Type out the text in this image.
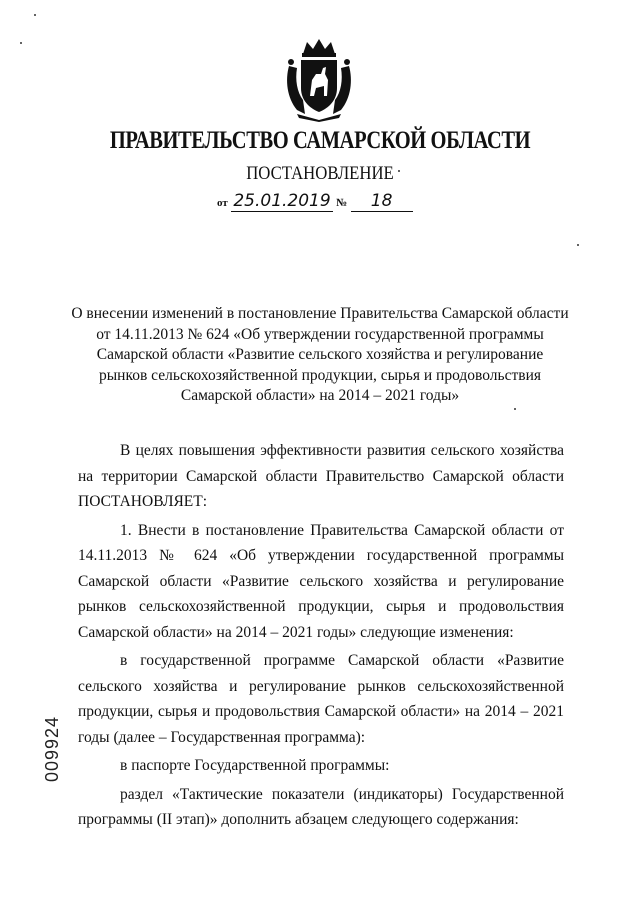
ПРАВИТЕЛЬСТВО САМАРСКОЙ ОБЛАСТИ
ПОСТАНОВЛЕНИЕ
от 25.01.2019 № 18
О внесении изменений в постановление Правительства Самарской области
от 14.11.2013 № 624 «Об утверждении государственной программы
Самарской области «Развитие сельского хозяйства и регулирование
рынков сельскохозяйственной продукции, сырья и продовольствия
Самарской области» на 2014 – 2021 годы»

В целях повышения эффективности развития сельского хозяйства на территории Самарской области Правительство Самарской области ПОСТАНОВЛЯЕТ:

1. Внести в постановление Правительства Самарской области от 14.11.2013 № 624 «Об утверждении государственной программы Самарской области «Развитие сельского хозяйства и регулирование рынков сельскохозяйственной продукции, сырья и продовольствия Самарской области» на 2014 – 2021 годы» следующие изменения:

в государственной программе Самарской области «Развитие сельского хозяйства и регулирование рынков сельскохозяйственной продукции, сырья и продовольствия Самарской области» на 2014 – 2021 годы (далее – Государственная программа):

в паспорте Государственной программы:

раздел «Тактические показатели (индикаторы) Государственной программы (II этап)» дополнить абзацем следующего содержания:

009924
